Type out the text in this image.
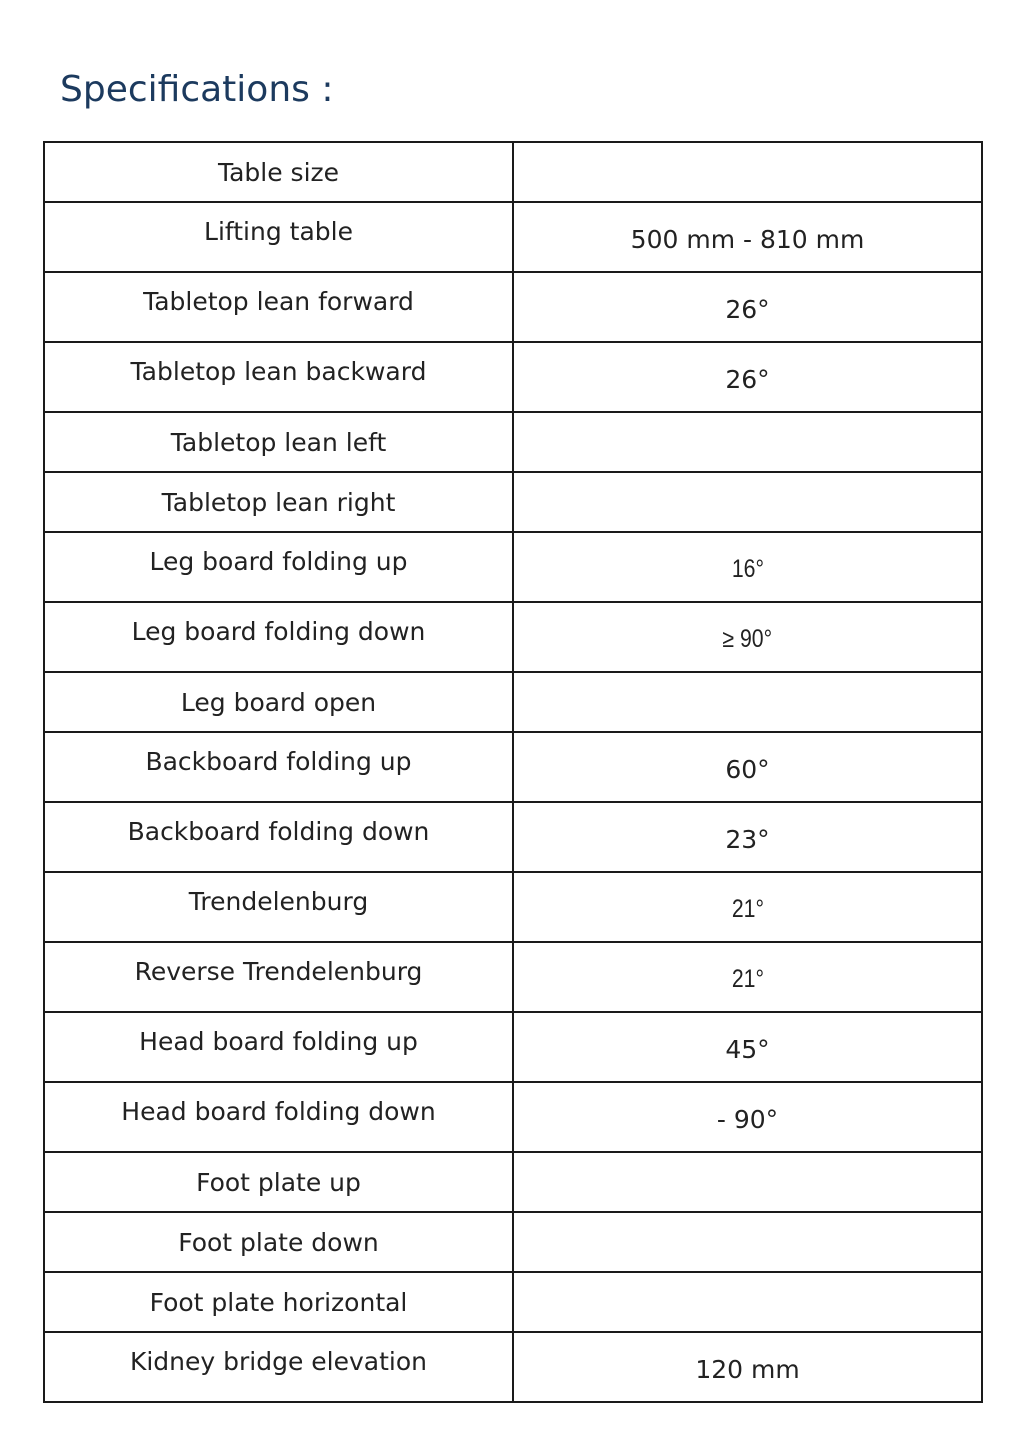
Specifications :
Table size	
Lifting table	500 mm - 810 mm
Tabletop lean forward	26°
Tabletop lean backward	26°
Tabletop lean left	
Tabletop lean right	
Leg board folding up	16°
Leg board folding down	≥ 90°
Leg board open	
Backboard folding up	60°
Backboard folding down	23°
Trendelenburg	21°
Reverse Trendelenburg	21°
Head board folding up	45°
Head board folding down	- 90°
Foot plate up	
Foot plate down	
Foot plate horizontal	
Kidney bridge elevation	120 mm
